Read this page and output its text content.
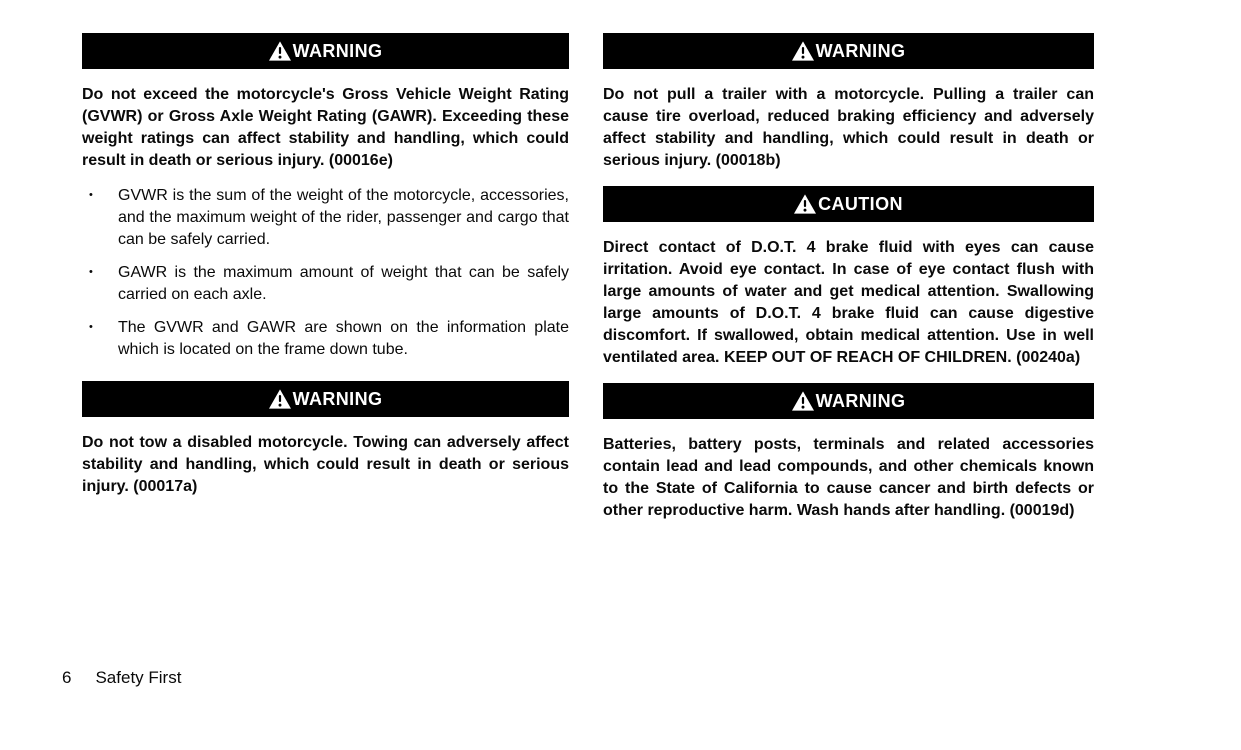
WARNING

Do not exceed the motorcycle's Gross Vehicle Weight Rating (GVWR) or Gross Axle Weight Rating (GAWR). Exceeding these weight ratings can affect stability and handling, which could result in death or serious injury. (00016e)

• GVWR is the sum of the weight of the motorcycle, accessories, and the maximum weight of the rider, passenger and cargo that can be safely carried.
• GAWR is the maximum amount of weight that can be safely carried on each axle.
• The GVWR and GAWR are shown on the information plate which is located on the frame down tube.
WARNING

Do not tow a disabled motorcycle. Towing can adversely affect stability and handling, which could result in death or serious injury. (00017a)

WARNING

Do not pull a trailer with a motorcycle. Pulling a trailer can cause tire overload, reduced braking efficiency and adversely affect stability and handling, which could result in death or serious injury. (00018b)

CAUTION

Direct contact of D.O.T. 4 brake fluid with eyes can cause irritation. Avoid eye contact. In case of eye contact flush with large amounts of water and get medical attention. Swallowing large amounts of D.O.T. 4 brake fluid can cause digestive discomfort. If swallowed, obtain medical attention. Use in well ventilated area. KEEP OUT OF REACH OF CHILDREN. (00240a)

WARNING

Batteries, battery posts, terminals and related accessories contain lead and lead compounds, and other chemicals known to the State of California to cause cancer and birth defects or other reproductive harm. Wash hands after handling. (00019d)

6 Safety First
